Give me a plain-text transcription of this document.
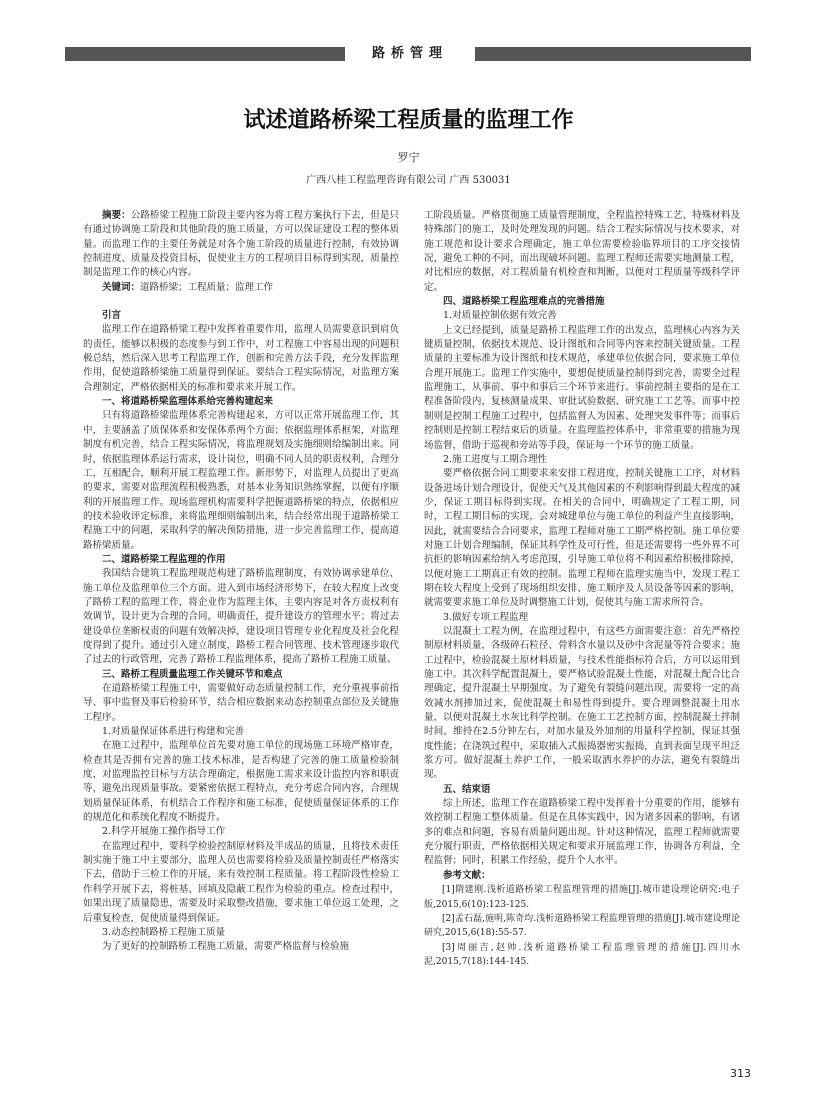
路桥管理
试述道路桥梁工程质量的监理工作
罗宁
广西八桂工程监理咨询有限公司 广西 530031

摘要：公路桥梁工程施工阶段主要内容为将工程方案执行下去，但是只有通过协调施工阶段和其他阶段的施工质量，方可以保证建设工程的整体质量。而监理工作的主要任务就是对各个施工阶段的质量进行控制，有效协调控制进度、质量及投资目标，促使业主方的工程项目目标得到实现，质量控制是监理工作的核心内容。

关键词：道路桥梁；工程质量；监理工作

引言

监理工作在道路桥梁工程中发挥着重要作用，监理人员需要意识到肩负的责任，能够以积极的态度参与到工作中，对工程施工中容易出现的问题积极总结，然后深入思考工程监理工作，创新和完善方法手段，充分发挥监理作用，促使道路桥梁施工质量得到保证。要结合工程实际情况，对监理方案合理制定，严格依据相关的标准和要求来开展工作。

一、将道路桥梁监理体系给完善构建起来

只有将道路桥梁监理体系完善构建起来，方可以正常开展监理工作，其中，主要涵盖了质保体系和安保体系两个方面；依据监理体系框架，对监理制度有机完善，结合工程实际情况，将监理规划及实施细则给编制出来。同时，依据监理体系运行需求，设计岗位，明确不同人员的职责权利，合理分工，互相配合，顺利开展工程监理工作。新形势下，对监理人员提出了更高的要求，需要对监理流程积极熟悉，对基本业务知识熟练掌握，以便有序顺利的开展监理工作。现场监理机构需要科学把握道路桥梁的特点，依据相应的技术验收评定标准，来将监理细则编制出来，结合经常出现于道路桥梁工程施工中的问题，采取科学的解决预防措施，进一步完善监理工作，提高道路桥梁质量。

二、道路桥梁工程监理的作用

我国结合建筑工程监理规范构建了路桥监理制度，有效协调承建单位、施工单位及监理单位三个方面。进入到市场经济形势下，在较大程度上改变了路桥工程的监理工作，将企业作为监理主体，主要内容是对各方责权利有效调节，设计更为合理的合同，明确责任，提升建设方的管理水平；将过去建设单位垄断权责的问题有效解决掉，建设项目管理专业化程度及社会化程度得到了提升。通过引入建立制度，路桥工程合同管理、技术管理逐步取代了过去的行政管理，完善了路桥工程监理体系，提高了路桥工程施工质量。

三、路桥工程质量监理工作关键环节和难点

在道路桥梁工程施工中，需要做好动态质量控制工作，充分重视事前指导、事中监督及事后检验环节，结合相应数据来动态控制重点部位及关键施工程序。

1.对质量保证体系进行构建和完善

在施工过程中，监理单位首先要对施工单位的现场施工环境严格审查，检查其是否拥有完善的施工技术标准，是否构建了完善的施工质量检验制度，对监理监控目标与方法合理确定，根据施工需求来设计监控内容和职责等，避免出现质量事故。要紧密依据工程特点，充分考虑合同内容，合理规划质量保证体系，有机结合工作程序和施工标准，促使质量保证体系的工作的规范化和系统化程度不断提升。

2.科学开展施工操作指导工作

在监理过程中，要科学检验控制原材料及半成品的质量，且将技术责任制实施于施工中主要部分，监理人员也需要将检验及质量控制责任严格落实下去，借助于三检工作的开展，来有效控制工程质量。将工程阶段性检验工作科学开展下去，将桩基、回填及隐蔽工程作为检验的重点。检查过程中，如果出现了质量隐患，需要及时采取整改措施，要求施工单位返工处理，之后重复检查，促使质量得到保证。

3.动态控制路桥工程施工质量

为了更好的控制路桥工程施工质量，需要严格监督与检验施

工阶段质量。严格贯彻施工质量管理制度，全程监控特殊工艺、特殊材料及特殊部门的施工，及时处理发现的问题。结合工程实际情况与技术要求，对施工规范和设计要求合理确定，施工单位需要检验临界项目的工序交接情况，避免工种的不同，而出现破坏问题。监理工程师还需要实地测量工程，对比相应的数据，对工程质量有机检查和判断，以便对工程质量等级科学评定。

四、道路桥梁工程监理难点的完善措施

1.对质量控制依据有效完善

上文已经提到，质量是路桥工程监理工作的出发点，监理核心内容为关键质量控制，依据技术规范、设计图纸和合同等内容来控制关键质量。工程质量的主要标准为设计图纸和技术规范，承建单位依据合同，要求施工单位合理开展施工。监理工作实施中，要想促使质量控制得到完善，需要全过程监理施工，从事前、事中和事后三个环节来进行。事前控制主要指的是在工程准备阶段内，复核测量成果、审批试验数据、研究施工工艺等。而事中控制则是控制工程施工过程中，包括监督人为因素、处理突发事件等；而事后控制则是控制工程结束后的质量。在监理监控体系中，非常重要的措施为现场监督，借助于巡视和旁站等手段，保证每一个环节的施工质量。

2.施工进度与工期合理性

要严格依据合同工期要求来安排工程进度，控制关键施工工序，对材料设备进场计划合理设计，促使天气及其他因素的不利影响得到最大程度的减少，保证工期目标得到实现。在相关的合同中，明确规定了工程工期，同时，工程工期目标的实现，会对城建单位与施工单位的利益产生直接影响，因此，就需要结合合同要求，监理工程师对施工工期严格控制。施工单位要对施工计划合理编制，保证其科学性及可行性，但是还需要将一些外界不可抗拒的影响因素给纳入考虑范围，引导施工单位将不利因素给积极排除掉，以便对施工工期真正有效的控制。监理工程师在监理实施当中，发现工程工期在较大程度上受到了现场组织安排、施工顺序及人员设备等因素的影响，就需要要求施工单位及时调整施工计划，促使其与施工需求所符合。

3.做好专项工程监理

以混凝土工程为例，在监理过程中，有这些方面需要注意：首先严格控制原材料质量，各级碎石粒径、骨料含水量以及砂中含泥量等符合要求；施工过程中，检验混凝土原材料质量，与技术性能指标符合后，方可以运用到施工中。其次科学配置混凝土，要严格试验混凝土性能，对混凝土配合比合理确定，提升混凝土早期强度。为了避免有裂缝问题出现，需要将一定的高效减水剂掺加过来，促使混凝土和易性得到提升。要合理调整混凝土用水量，以便对混凝土水灰比科学控制。在施工工艺控制方面，控制混凝土拌制时间，维持在2.5分钟左右，对加水量及外加剂的用量科学控制，保证其强度性能；在浇筑过程中，采取插入式振捣器密实振捣，直到表面呈现平坦泛浆方可。做好混凝土养护工作，一般采取洒水养护的办法，避免有裂缝出现。

五、结束语

综上所述，监理工作在道路桥梁工程中发挥着十分重要的作用，能够有效控制工程施工整体质量。但是在具体实践中，因为诸多因素的影响，有诸多的难点和问题，容易有质量问题出现。针对这种情况，监理工程师就需要充分履行职责，严格依据相关规定和要求开展监理工作，协调各方利益，全程监督；同时，积累工作经验，提升个人水平。

参考文献：

[1]隋建刚.浅析道路桥梁工程监理管理的措施[J].城市建设理论研究:电子版,2015,6(10):123-125.

[2]孟石磊,施明,陈奇均.浅析道路桥梁工程监理管理的措施[J].城市建设理论研究,2015,6(18):55-57.

[3]周丽吉,赵帅.浅析道路桥梁工程监理管理的措施[J].四川水泥,2015,7(18):144-145.

313
